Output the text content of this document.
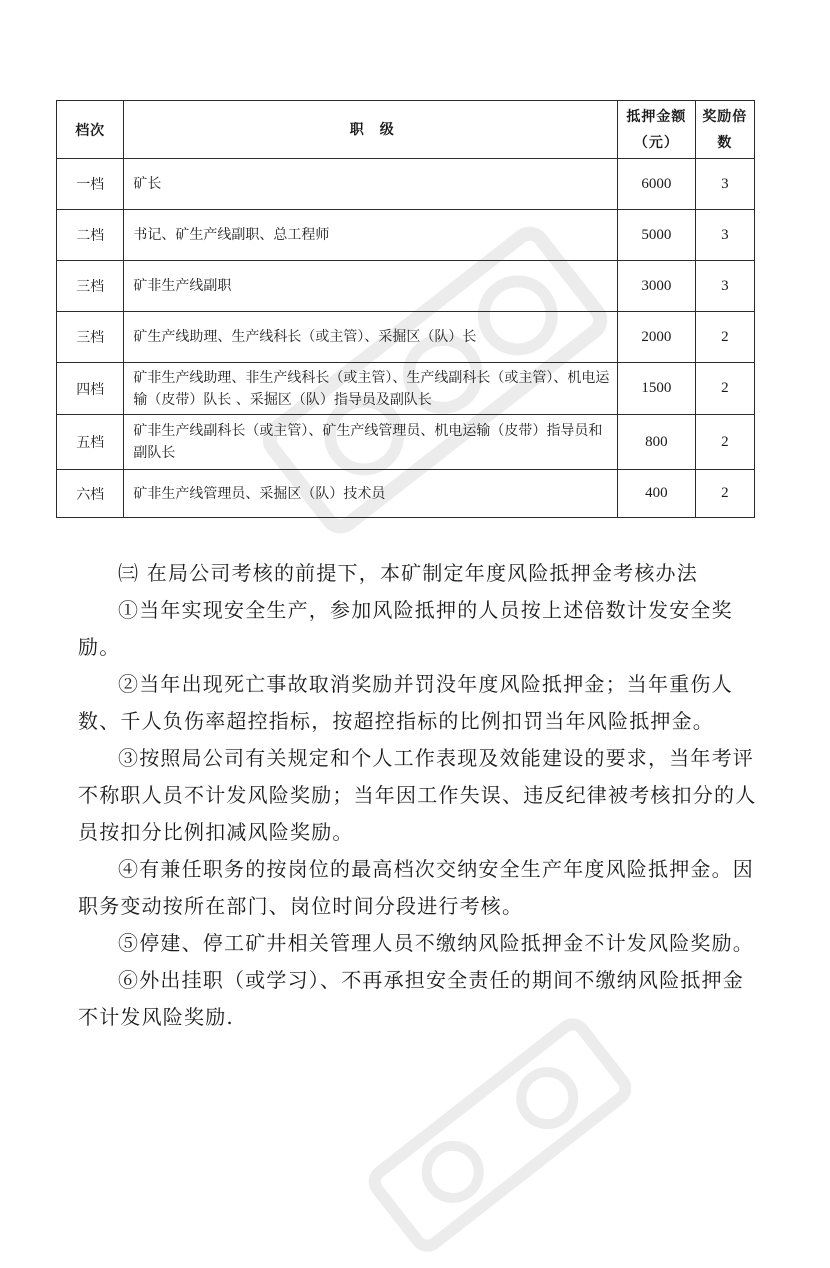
档次	职　级	抵押金额（元）	奖励倍数
一档	矿长	6000	3
二档	书记、矿生产线副职、总工程师	5000	3
三档	矿非生产线副职	3000	3
三档	矿生产线助理、生产线科长（或主管）、采掘区（队）长	2000	2
四档	矿非生产线助理、非生产线科长（或主管）、生产线副科长（或主管）、机电运输（皮带）队长 、采掘区（队）指导员及副队长	1500	2
五档	矿非生产线副科长（或主管）、矿生产线管理员、机电运输（皮带）指导员和副队长	800	2
六档	矿非生产线管理员、采掘区（队）技术员	400	2

㈢ 在局公司考核的前提下，本矿制定年度风险抵押金考核办法

①当年实现安全生产，参加风险抵押的人员按上述倍数计发安全奖励。

②当年出现死亡事故取消奖励并罚没年度风险抵押金；当年重伤人数、千人负伤率超控指标，按超控指标的比例扣罚当年风险抵押金。

③按照局公司有关规定和个人工作表现及效能建设的要求，当年考评不称职人员不计发风险奖励；当年因工作失误、违反纪律被考核扣分的人员按扣分比例扣减风险奖励。

④有兼任职务的按岗位的最高档次交纳安全生产年度风险抵押金。因职务变动按所在部门、岗位时间分段进行考核。

⑤停建、停工矿井相关管理人员不缴纳风险抵押金不计发风险奖励。

⑥外出挂职（或学习）、不再承担安全责任的期间不缴纳风险抵押金不计发风险奖励.
